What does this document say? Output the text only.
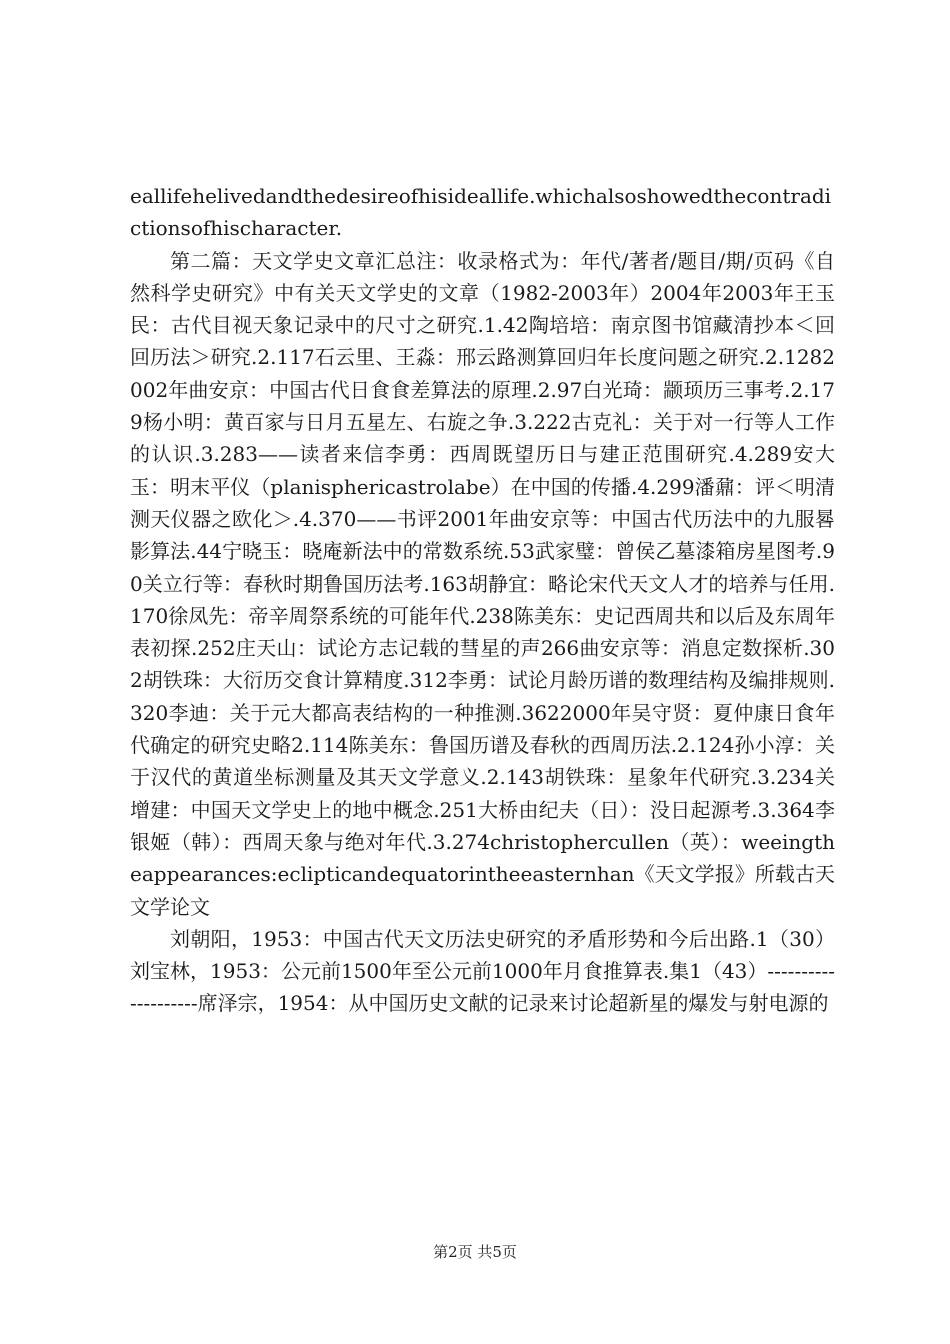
eallifehelivedandthedesireofhisideallife.whichalsoshowedthecontradictionsofhischaracter.

第二篇：天文学史文章汇总注：收录格式为：年代/著者/题目/期/页码《自然科学史研究》中有关天文学史的文章（1982-2003年）2004年2003年王玉民：古代目视天象记录中的尺寸之研究.1.42陶培培：南京图书馆藏清抄本＜回回历法＞研究.2.117石云里、王淼：邢云路测算回归年长度问题之研究.2.1282002年曲安京：中国古代日食食差算法的原理.2.97白光琦：颛顼历三事考.2.179杨小明：黄百家与日月五星左、右旋之争.3.222古克礼：关于对一行等人工作的认识.3.283——读者来信李勇：西周既望历日与建正范围研究.4.289安大玉：明末平仪（planisphericastrolabe）在中国的传播.4.299潘鼐：评＜明清测天仪器之欧化＞.4.370——书评2001年曲安京等：中国古代历法中的九服晷影算法.44宁晓玉：晓庵新法中的常数系统.53武家璧：曾侯乙墓漆箱房星图考.90关立行等：春秋时期鲁国历法考.163胡静宜：略论宋代天文人才的培养与任用.170徐凤先：帝辛周祭系统的可能年代.238陈美东：史记西周共和以后及东周年表初探.252庄天山：试论方志记载的彗星的声266曲安京等：消息定数探析.302胡铁珠：大衍历交食计算精度.312李勇：试论月龄历谱的数理结构及编排规则.320李迪：关于元大都高表结构的一种推测.3622000年吴守贤：夏仲康日食年代确定的研究史略2.114陈美东：鲁国历谱及春秋的西周历法.2.124孙小淳：关于汉代的黄道坐标测量及其天文学意义.2.143胡铁珠：星象年代研究.3.234关增建：中国天文学史上的地中概念.251大桥由纪夫（日）：没日起源考.3.364李银姬（韩）：西周天象与绝对年代.3.274christophercullen（英）：weeingtheappearances:eclipticandequatorintheeasternhan《天文学报》所载古天文学论文

刘朝阳，1953：中国古代天文历法史研究的矛盾形势和今后出路.1（30）刘宝林，1953：公元前1500年至公元前1000年月食推算表.集1（43）--------------------席泽宗，1954：从中国历史文献的记录来讨论超新星的爆发与射电源的

第2页 共5页
